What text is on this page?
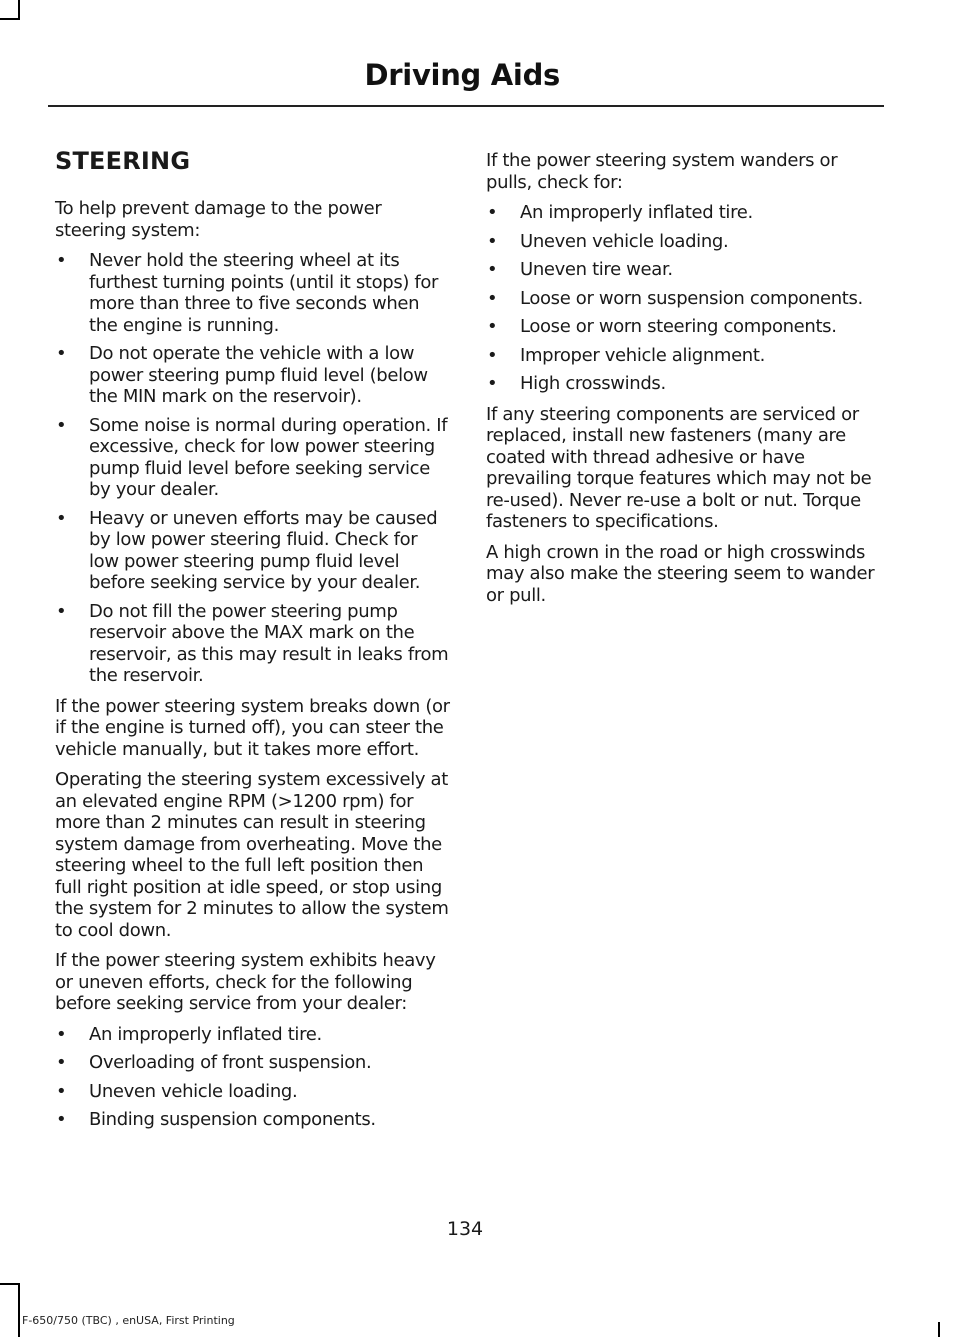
Driving Aids
STEERING

To help prevent damage to the power steering system:

• Never hold the steering wheel at its furthest turning points (until it stops) for more than three to five seconds when the engine is running.
• Do not operate the vehicle with a low power steering pump fluid level (below the MIN mark on the reservoir).
• Some noise is normal during operation. If excessive, check for low power steering pump fluid level before seeking service by your dealer.
• Heavy or uneven efforts may be caused by low power steering fluid. Check for low power steering pump fluid level before seeking service by your dealer.
• Do not fill the power steering pump reservoir above the MAX mark on the reservoir, as this may result in leaks from the reservoir.

If the power steering system breaks down (or if the engine is turned off), you can steer the vehicle manually, but it takes more effort.

Operating the steering system excessively at an elevated engine RPM (>1200 rpm) for more than 2 minutes can result in steering system damage from overheating. Move the steering wheel to the full left position then full right position at idle speed, or stop using the system for 2 minutes to allow the system to cool down.

If the power steering system exhibits heavy or uneven efforts, check for the following before seeking service from your dealer:

• An improperly inflated tire.
• Overloading of front suspension.
• Uneven vehicle loading.
• Binding suspension components.

If the power steering system wanders or pulls, check for:

• An improperly inflated tire.
• Uneven vehicle loading.
• Uneven tire wear.
• Loose or worn suspension components.
• Loose or worn steering components.
• Improper vehicle alignment.
• High crosswinds.

If any steering components are serviced or replaced, install new fasteners (many are coated with thread adhesive or have prevailing torque features which may not be re-used). Never re-use a bolt or nut. Torque fasteners to specifications.

A high crown in the road or high crosswinds may also make the steering seem to wander or pull.

134
F-650/750 (TBC) , enUSA, First Printing
